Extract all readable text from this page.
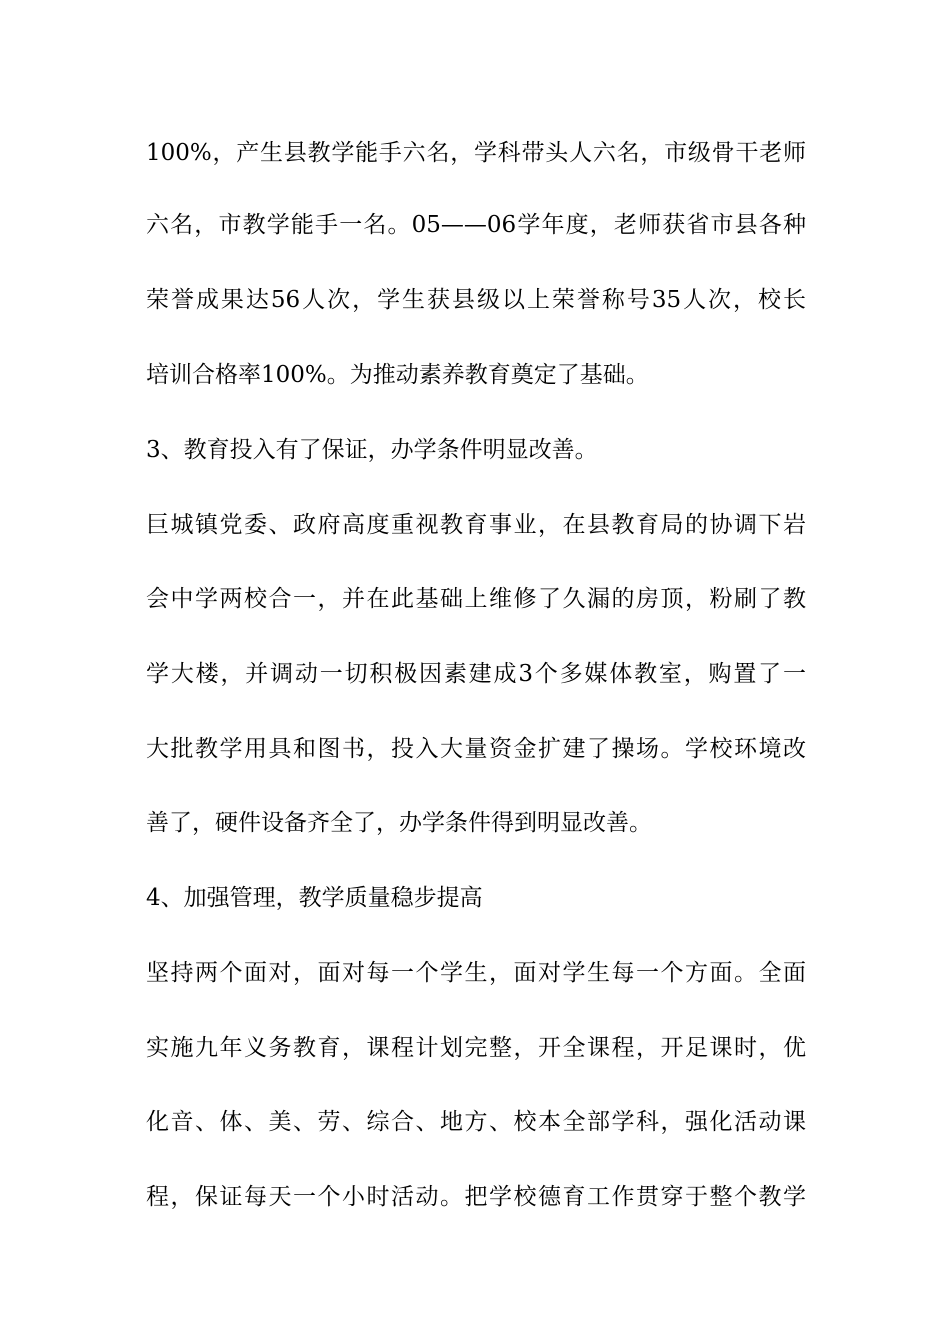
100%，产生县教学能手六名，学科带头人六名，市级骨干老师
六名，市教学能手一名。05——06学年度，老师获省市县各种
荣誉成果达56人次，学生获县级以上荣誉称号35人次，校长
培训合格率100%。为推动素养教育奠定了基础。
3、教育投入有了保证，办学条件明显改善。
巨城镇党委、政府高度重视教育事业，在县教育局的协调下岩
会中学两校合一，并在此基础上维修了久漏的房顶，粉刷了教
学大楼，并调动一切积极因素建成3个多媒体教室，购置了一
大批教学用具和图书，投入大量资金扩建了操场。学校环境改
善了，硬件设备齐全了，办学条件得到明显改善。
4、加强管理，教学质量稳步提高
坚持两个面对，面对每一个学生，面对学生每一个方面。全面
实施九年义务教育，课程计划完整，开全课程，开足课时，优
化音、体、美、劳、综合、地方、校本全部学科，强化活动课
程，保证每天一个小时活动。把学校德育工作贯穿于整个教学
